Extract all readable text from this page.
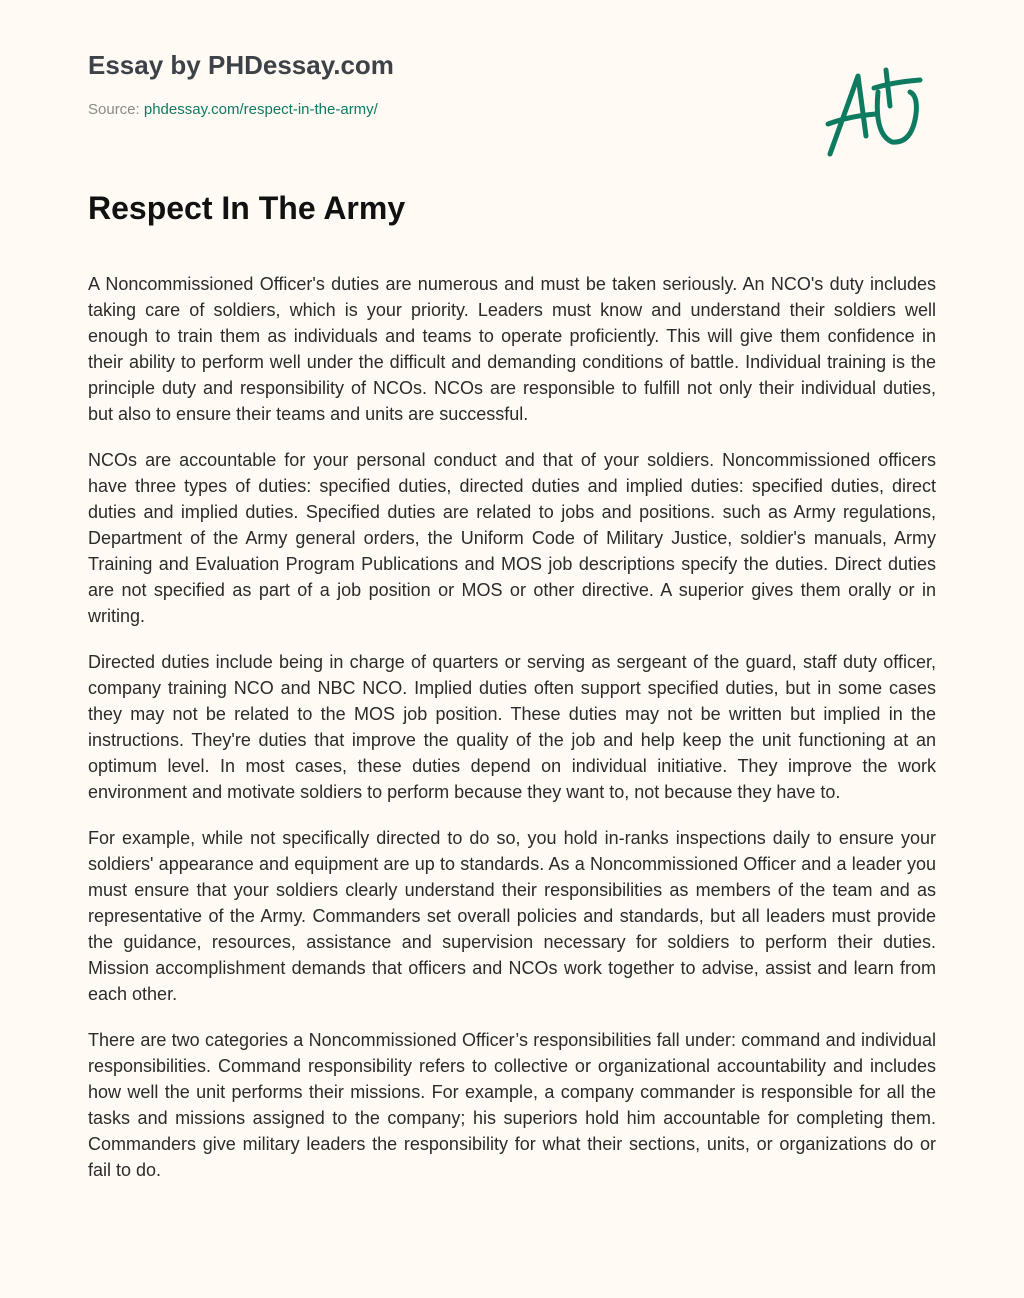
Essay by PHDessay.com
Source: phdessay.com/respect-in-the-army/
Respect In The Army

A Noncommissioned Officer's duties are numerous and must be taken seriously. An NCO's duty includes taking care of soldiers, which is your priority. Leaders must know and understand their soldiers well enough to train them as individuals and teams to operate proficiently. This will give them confidence in their ability to perform well under the difficult and demanding conditions of battle. Individual training is the principle duty and responsibility of NCOs. NCOs are responsible to fulfill not only their individual duties, but also to ensure their teams and units are successful.

NCOs are accountable for your personal conduct and that of your soldiers. Noncommissioned officers have three types of duties: specified duties, directed duties and implied duties: specified duties, direct duties and implied duties. Specified duties are related to jobs and positions. such as Army regulations, Department of the Army general orders, the Uniform Code of Military Justice, soldier's manuals, Army Training and Evaluation Program Publications and MOS job descriptions specify the duties. Direct duties are not specified as part of a job position or MOS or other directive. A superior gives them orally or in writing.

Directed duties include being in charge of quarters or serving as sergeant of the guard, staff duty officer, company training NCO and NBC NCO. Implied duties often support specified duties, but in some cases they may not be related to the MOS job position. These duties may not be written but implied in the instructions. They're duties that improve the quality of the job and help keep the unit functioning at an optimum level. In most cases, these duties depend on individual initiative. They improve the work environment and motivate soldiers to perform because they want to, not because they have to.

For example, while not specifically directed to do so, you hold in-ranks inspections daily to ensure your soldiers' appearance and equipment are up to standards. As a Noncommissioned Officer and a leader you must ensure that your soldiers clearly understand their responsibilities as members of the team and as representative of the Army. Commanders set overall policies and standards, but all leaders must provide the guidance, resources, assistance and supervision necessary for soldiers to perform their duties. Mission accomplishment demands that officers and NCOs work together to advise, assist and learn from each other.

There are two categories a Noncommissioned Officer’s responsibilities fall under: command and individual responsibilities. Command responsibility refers to collective or organizational accountability and includes how well the unit performs their missions. For example, a company commander is responsible for all the tasks and missions assigned to the company; his superiors hold him accountable for completing them. Commanders give military leaders the responsibility for what their sections, units, or organizations do or fail to do.
